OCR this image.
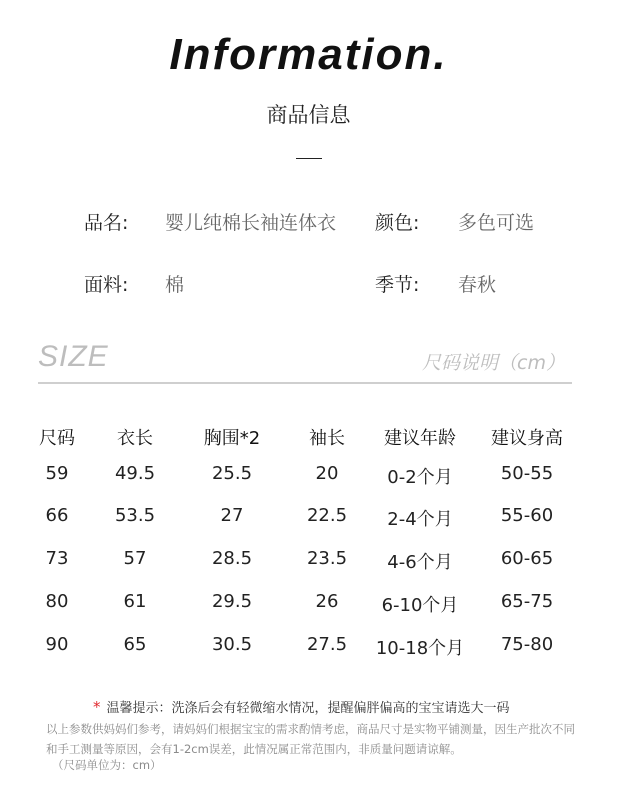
Information.
商品信息
品名: 婴儿纯棉长袖连体衣 颜色: 多色可选
面料: 棉	季节: 春秋
SIZE	尺码说明（cm）
尺码	衣长	胸围*2	袖长	建议年龄	建议身高
59	49.5	25.5	20	0-2个月	50-55
66	53.5	27	22.5	2-4个月	55-60
73	57	28.5	23.5	4-6个月	60-65
80	61	29.5	26	6-10个月	65-75
90	65	30.5	27.5	10-18个月	75-80
* 温馨提示：洗涤后会有轻微缩水情况，提醒偏胖偏高的宝宝请选大一码
以上参数供妈妈们参考，请妈妈们根据宝宝的需求酌情考虑，商品尺寸是实物平铺测量，因生产批次不同和手工测量等原因，会有1-2cm误差，此情况属正常范围内，非质量问题请谅解。
（尺码单位为：cm）
